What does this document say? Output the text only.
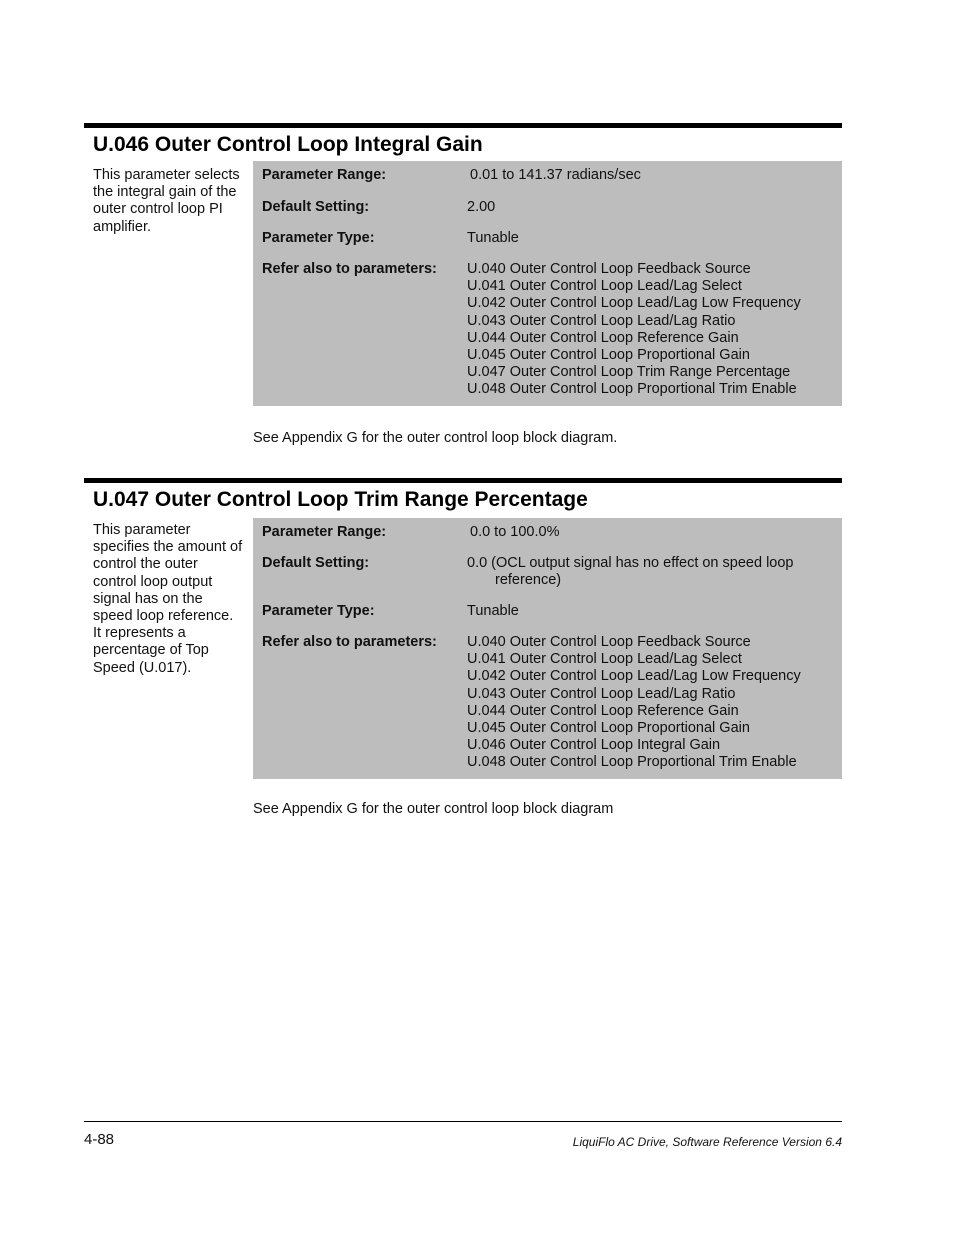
U.046 Outer Control Loop Integral Gain
This parameter selects the integral gain of the outer control loop PI amplifier.
Parameter Range:	0.01 to 141.37 radians/sec
Default Setting:	2.00
Parameter Type:	Tunable
Refer also to parameters: U.040 Outer Control Loop Feedback Source
U.041 Outer Control Loop Lead/Lag Select
U.042 Outer Control Loop Lead/Lag Low Frequency
U.043 Outer Control Loop Lead/Lag Ratio
U.044 Outer Control Loop Reference Gain
U.045 Outer Control Loop Proportional Gain
U.047 Outer Control Loop Trim Range Percentage
U.048 Outer Control Loop Proportional Trim Enable
See Appendix G for the outer control loop block diagram.
U.047 Outer Control Loop Trim Range Percentage
This parameter specifies the amount of control the outer control loop output signal has on the speed loop reference. It represents a percentage of Top Speed (U.017).
Parameter Range:	0.0 to 100.0%
Default Setting:	0.0 (OCL output signal has no effect on speed loop reference)
Parameter Type:	Tunable
Refer also to parameters: U.040 Outer Control Loop Feedback Source
U.041 Outer Control Loop Lead/Lag Select
U.042 Outer Control Loop Lead/Lag Low Frequency
U.043 Outer Control Loop Lead/Lag Ratio
U.044 Outer Control Loop Reference Gain
U.045 Outer Control Loop Proportional Gain
U.046 Outer Control Loop Integral Gain
U.048 Outer Control Loop Proportional Trim Enable
See Appendix G for the outer control loop block diagram
4-88	LiquiFlo AC Drive, Software Reference Version 6.4
